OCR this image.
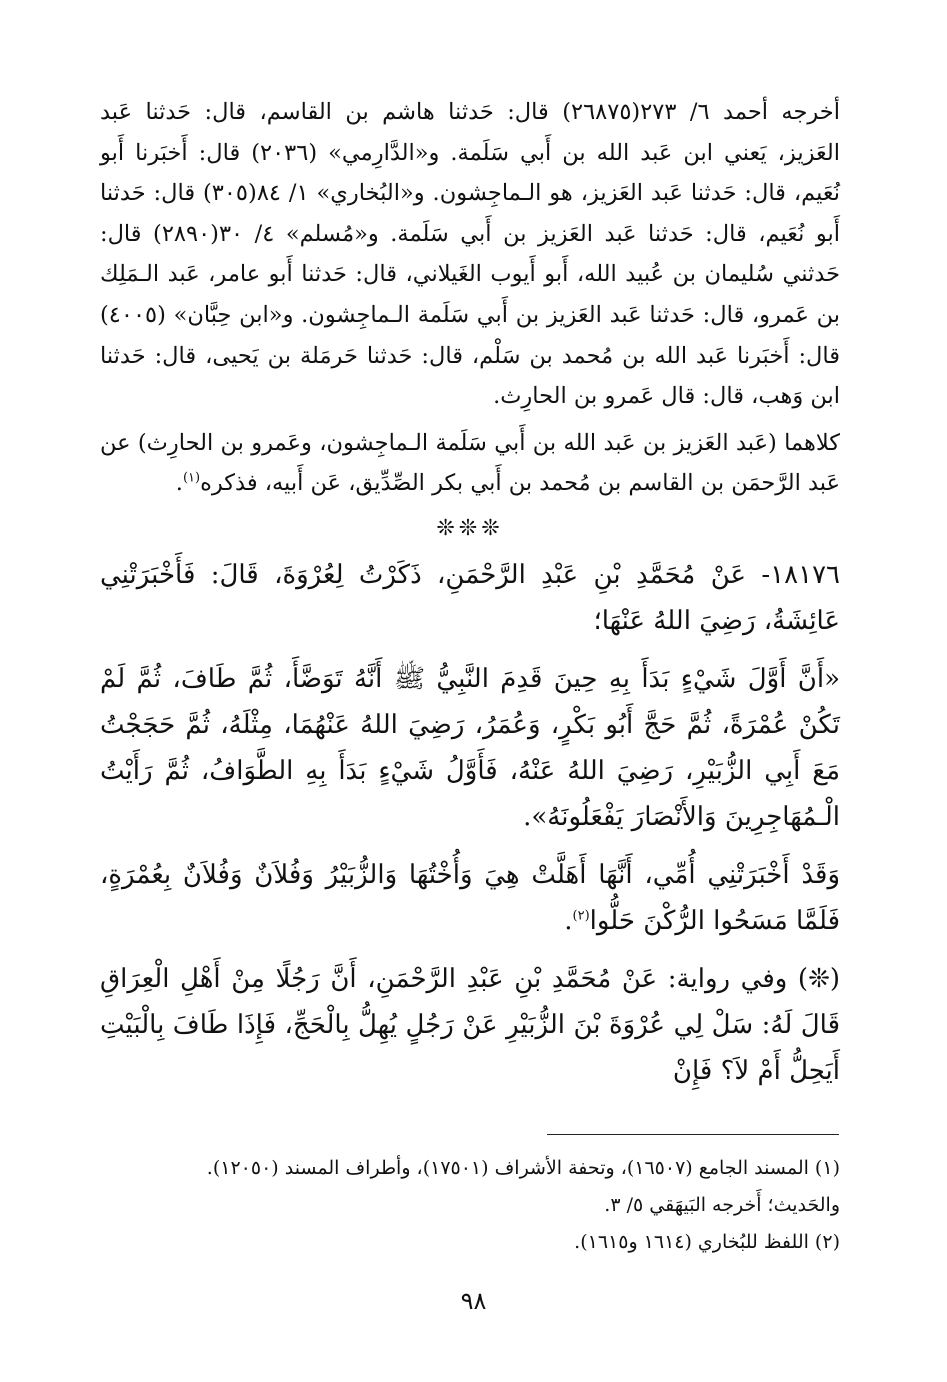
أخرجه أحمد ٦/ ٢٧٣(٢٦٨٧٥) قال: حَدثنا هاشم بن القاسم، قال: حَدثنا عَبد العَزيز، يَعني ابن عَبد الله بن أَبي سَلَمة. و«الدَّارِمي» (٢٠٣٦) قال: أَخبَرنا أَبو نُعَيم، قال: حَدثنا عَبد العَزيز، هو الـماجِشون. و«البُخاري» ١/ ٨٤(٣٠٥) قال: حَدثنا أَبو نُعَيم، قال: حَدثنا عَبد العَزيز بن أَبي سَلَمة. و«مُسلم» ٤/ ٣٠(٢٨٩٠) قال: حَدثني سُليمان بن عُبيد الله، أَبو أَيوب الغَيلاني، قال: حَدثنا أَبو عامر، عَبد الـمَلِك بن عَمرو، قال: حَدثنا عَبد العَزيز بن أَبي سَلَمة الـماجِشون. و«ابن حِبَّان» (٤٠٠٥) قال: أَخبَرنا عَبد الله بن مُحمد بن سَلْم، قال: حَدثنا حَرمَلة بن يَحيى، قال: حَدثنا ابن وَهب، قال: قال عَمرو بن الحارِث.

كلاهما (عَبد العَزيز بن عَبد الله بن أَبي سَلَمة الـماجِشون، وعَمرو بن الحارِث) عن عَبد الرَّحمَن بن القاسم بن مُحمد بن أَبي بكر الصِّدِّيق، عَن أَبيه، فذكره$^{(١)}$.

❊❊❊

١٨١٧٦- عَنْ مُحَمَّدِ بْنِ عَبْدِ الرَّحْمَنِ، ذَكَرْتُ لِعُرْوَةَ، قَالَ: فَأَخْبَرَتْنِي عَائِشَةُ، رَضِيَ اللهُ عَنْهَا؛

«أَنَّ أَوَّلَ شَيْءٍ بَدَأَ بِهِ حِينَ قَدِمَ النَّبِيُّ ﷺ أَنَّهُ تَوَضَّأَ، ثُمَّ طَافَ، ثُمَّ لَمْ تَكُنْ عُمْرَةً، ثُمَّ حَجَّ أَبُو بَكْرٍ، وَعُمَرُ، رَضِيَ اللهُ عَنْهُمَا، مِثْلَهُ، ثُمَّ حَجَجْتُ مَعَ أَبِي الزُّبَيْرِ، رَضِيَ اللهُ عَنْهُ، فَأَوَّلُ شَيْءٍ بَدَأَ بِهِ الطَّوَافُ، ثُمَّ رَأَيْتُ الْـمُهَاجِرِينَ وَالأَنْصَارَ يَفْعَلُونَهُ».

وَقَدْ أَخْبَرَتْنِي أُمِّي، أَنَّهَا أَهَلَّتْ هِيَ وَأُخْتُهَا وَالزُّبَيْرُ وَفُلاَنٌ وَفُلاَنٌ بِعُمْرَةٍ، فَلَمَّا مَسَحُوا الرُّكْنَ حَلُّوا$^{(٢)}$.

(❊) وفي رواية: عَنْ مُحَمَّدِ بْنِ عَبْدِ الرَّحْمَنِ، أَنَّ رَجُلًا مِنْ أَهْلِ الْعِرَاقِ قَالَ لَهُ: سَلْ لِي عُرْوَةَ بْنَ الزُّبَيْرِ عَنْ رَجُلٍ يُهِلُّ بِالْحَجِّ، فَإِذَا طَافَ بِالْبَيْتِ أَيَحِلُّ أَمْ لاَ؟ فَإِنْ

(١) المسند الجامع (١٦٥٠٧)، وتحفة الأشراف (١٧٥٠١)، وأطراف المسند (١٢٠٥٠).

والحَديث؛ أَخرجه البَيهَقي ٥/ ٣.

(٢) اللفظ للبُخاري (١٦١٤ و١٦١٥).

٩٨
